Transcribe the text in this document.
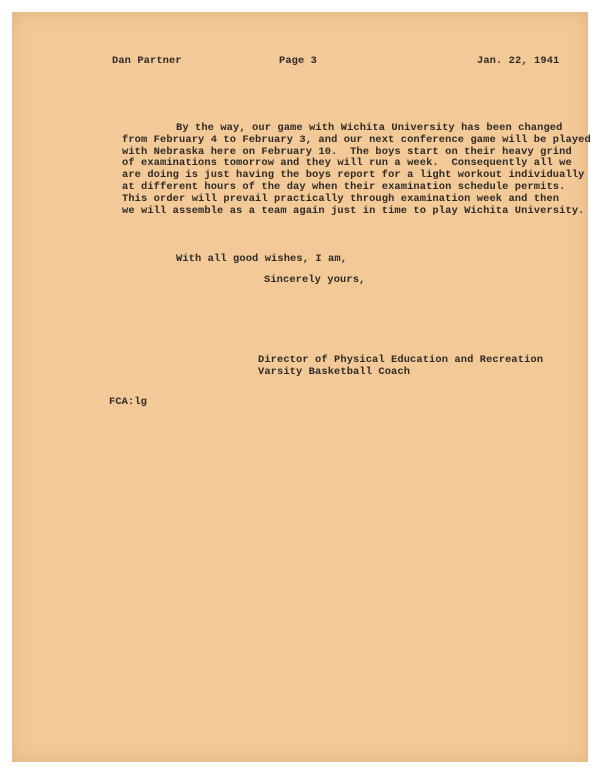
Dan Partner	Page 3	Jan. 22, 1941
By the way, our game with Wichita University has been changed
from February 4 to February 3, and our next conference game will be played
with Nebraska here on February 10.  The boys start on their heavy grind
of examinations tomorrow and they will run a week.  Consequently all we
are doing is just having the boys report for a light workout individually
at different hours of the day when their examination schedule permits.
This order will prevail practically through examination week and then
we will assemble as a team again just in time to play Wichita University.
With all good wishes, I am,
Sincerely yours,
Director of Physical Education and Recreation
Varsity Basketball Coach
FCA:lg
